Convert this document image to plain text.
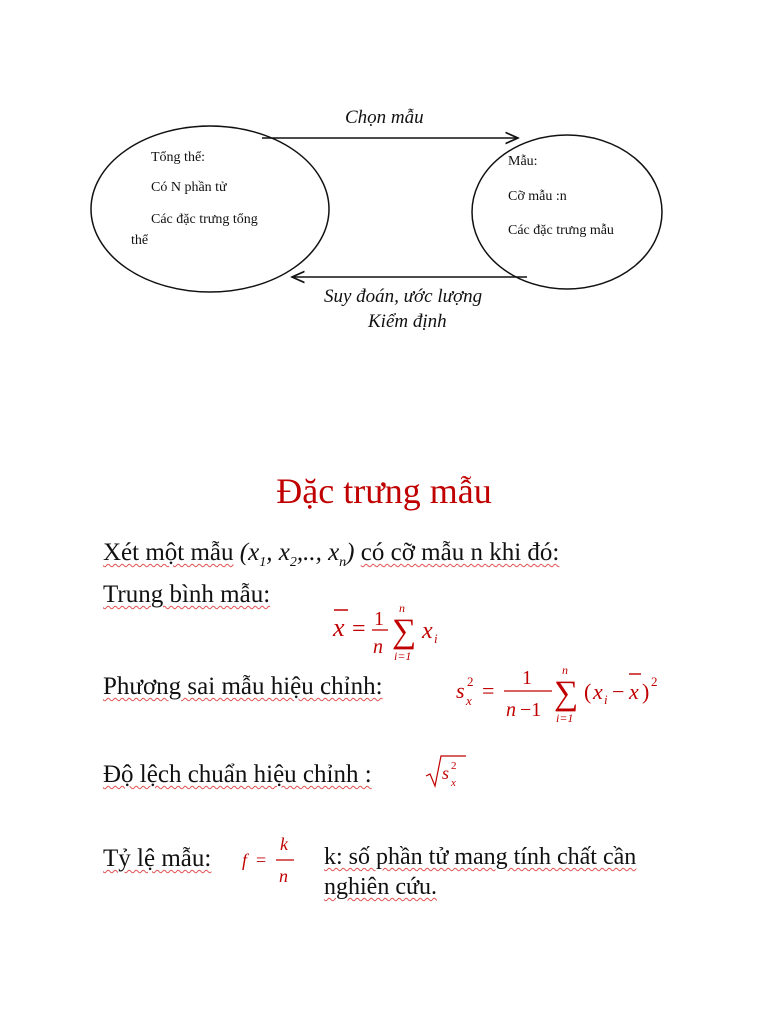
Chọn mẫu
Suy đoán, ước lượng
Kiểm định
Tổng thể:
Có N phần tử
Các đặc trưng tổng
thể
Mẫu:
Cỡ mẫu :n
Các đặc trưng mẫu
Đặc trưng mẫu
Xét một mẫu ($x_1$, $x_2$,.., $x_n$) có cỡ mẫu n khi đó:
Trung bình mẫu:
x = 1
n
n
∑
i=1
x i
Phương sai mẫu hiệu chỉnh:	s 2
x = 1
n −1
n
∑
i=1
( x i − x ) 2
Độ lệch chuẩn hiệu chỉnh :	s 2
x
Tỷ lệ mẫu: f =
k
n
k: số phần tử mang tính chất cần
nghiên cứu.
